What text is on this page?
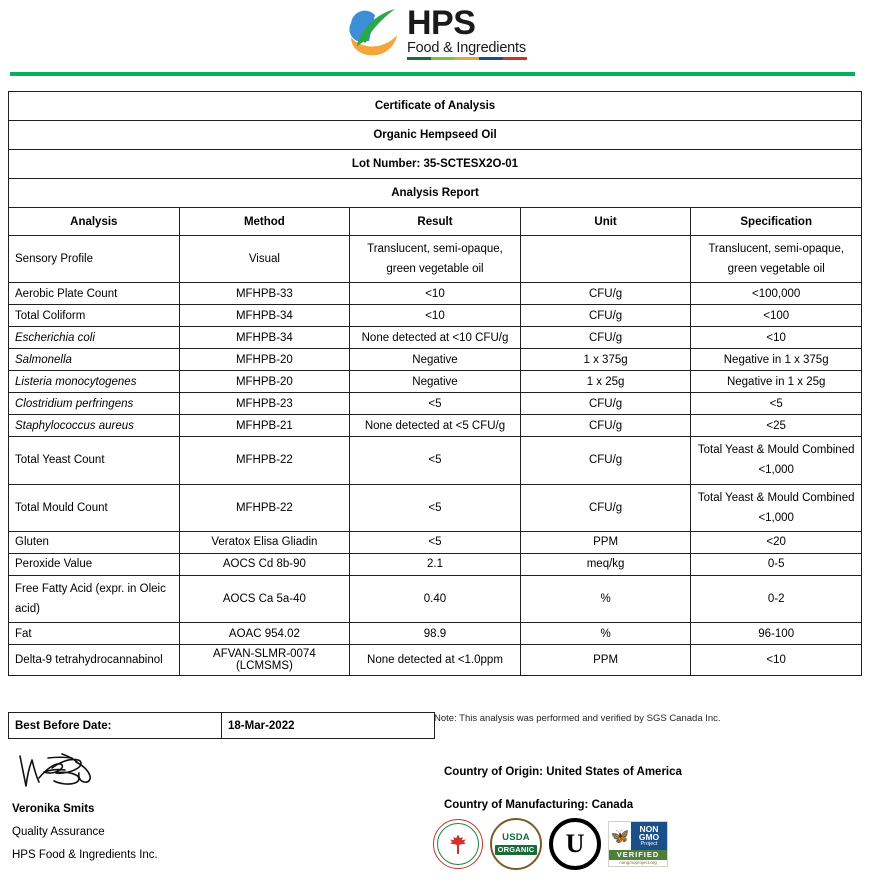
HPS
Food & Ingredients
Certificate of Analysis				
Organic Hempseed Oil				
Lot Number: 35-SCTESX2O-01				
Analysis Report				
Analysis	Method	Result	Unit	Specification
Sensory Profile	Visual	Translucent, semi-opaque, green vegetable oil		Translucent, semi-opaque, green vegetable oil
Aerobic Plate Count	MFHPB-33	<10	CFU/g	<100,000
Total Coliform	MFHPB-34	<10	CFU/g	<100
Escherichia coli	MFHPB-34	None detected at <10 CFU/g	CFU/g	<10
Salmonella	MFHPB-20	Negative	1 x 375g	Negative in 1 x 375g
Listeria monocytogenes	MFHPB-20	Negative	1 x 25g	Negative in 1 x 25g
Clostridium perfringens	MFHPB-23	<5	CFU/g	<5
Staphylococcus aureus	MFHPB-21	None detected at <5 CFU/g	CFU/g	<25
Total Yeast Count	MFHPB-22	<5	CFU/g	Total Yeast & Mould Combined <1,000
Total Mould Count	MFHPB-22	<5	CFU/g	Total Yeast & Mould Combined <1,000
Gluten	Veratox Elisa Gliadin	<5	PPM	<20
Peroxide Value	AOCS Cd 8b-90	2.1	meq/kg	0-5
Free Fatty Acid (expr. in Oleic acid)	AOCS Ca 5a-40	0.40	%	0-2
Fat	AOAC 954.02	98.9	%	96-100
Delta-9 tetrahydrocannabinol	AFVAN-SLMR-0074 (LCMSMS)	None detected at <1.0ppm	PPM	<10
Best Before Date:	18-Mar-2022
Note: This analysis was performed and verified by SGS Canada Inc.
Veronika Smits
Quality Assurance
HPS Food & Ingredients Inc.
Country of Origin: United States of America
Country of Manufacturing: Canada
USDA
ORGANIC U 🦋 NON
GMO
Project
VERIFIED
nongmoproject.org
